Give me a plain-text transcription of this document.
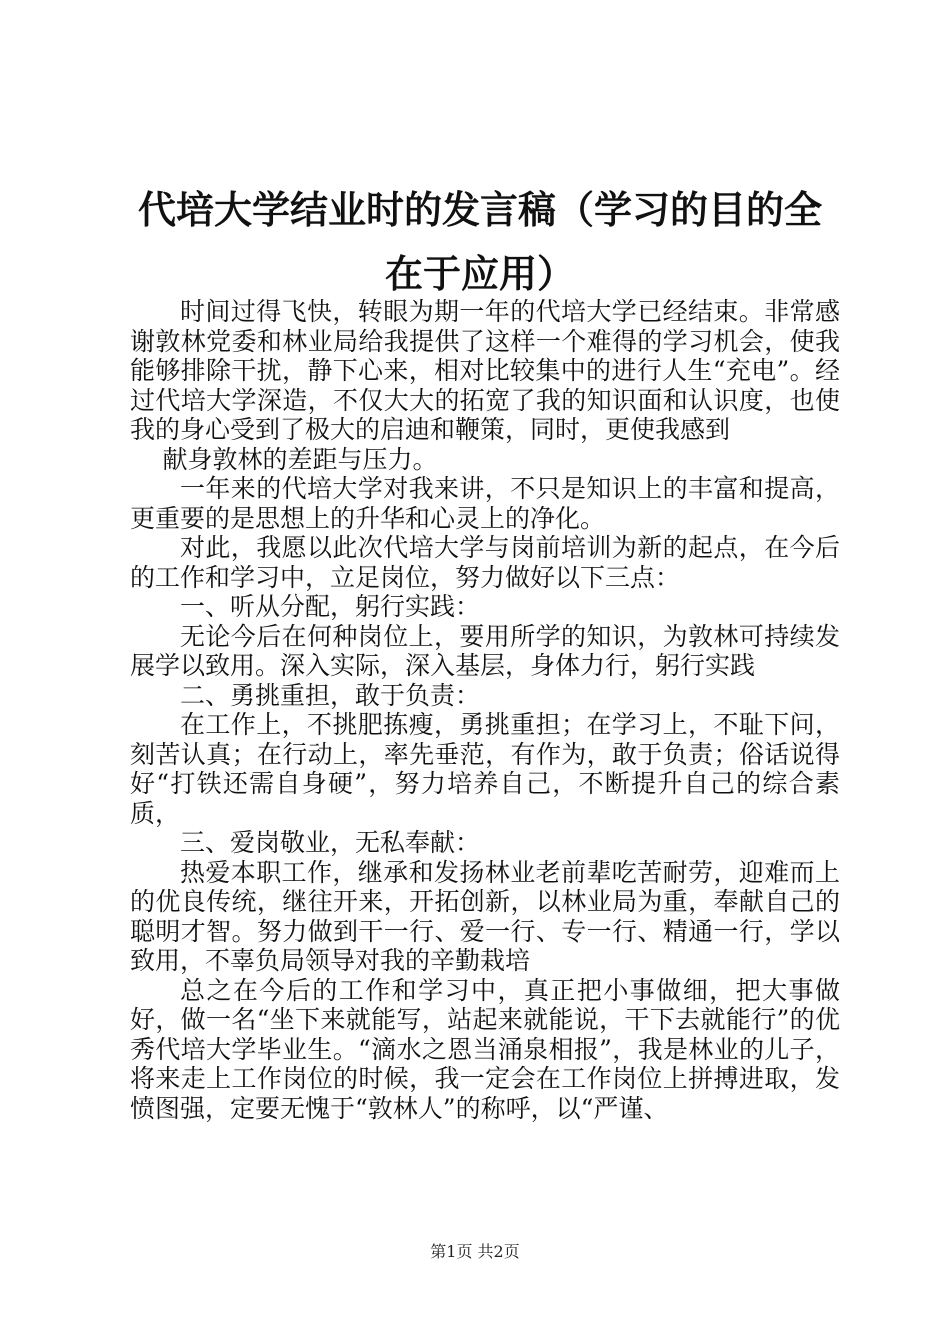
代培大学结业时的发言稿（学习的目的全在于应用）

时间过得飞快，转眼为期一年的代培大学已经结束。非常感谢敦林党委和林业局给我提供了这样一个难得的学习机会，使我能够排除干扰，静下心来，相对比较集中的进行人生“充电”。经过代培大学深造，不仅大大的拓宽了我的知识面和认识度，也使我的身心受到了极大的启迪和鞭策，同时，更使我感到

献身敦林的差距与压力。

一年来的代培大学对我来讲，不只是知识上的丰富和提高，更重要的是思想上的升华和心灵上的净化。

对此，我愿以此次代培大学与岗前培训为新的起点，在今后的工作和学习中，立足岗位，努力做好以下三点：

一、听从分配，躬行实践：

无论今后在何种岗位上，要用所学的知识，为敦林可持续发展学以致用。深入实际，深入基层，身体力行，躬行实践

二、勇挑重担，敢于负责：

在工作上，不挑肥拣瘦，勇挑重担；在学习上，不耻下问，刻苦认真；在行动上，率先垂范，有作为，敢于负责；俗话说得好“打铁还需自身硬”，努力培养自己，不断提升自己的综合素质，

三、爱岗敬业，无私奉献：

热爱本职工作，继承和发扬林业老前辈吃苦耐劳，迎难而上的优良传统，继往开来，开拓创新，以林业局为重，奉献自己的聪明才智。努力做到干一行、爱一行、专一行、精通一行，学以致用，不辜负局领导对我的辛勤栽培

总之在今后的工作和学习中，真正把小事做细，把大事做好，做一名“坐下来就能写，站起来就能说，干下去就能行”的优秀代培大学毕业生。“滴水之恩当涌泉相报”，我是林业的儿子，将来走上工作岗位的时候，我一定会在工作岗位上拼搏进取，发愤图强，定要无愧于“敦林人”的称呼，以“严谨、

第1页 共2页
